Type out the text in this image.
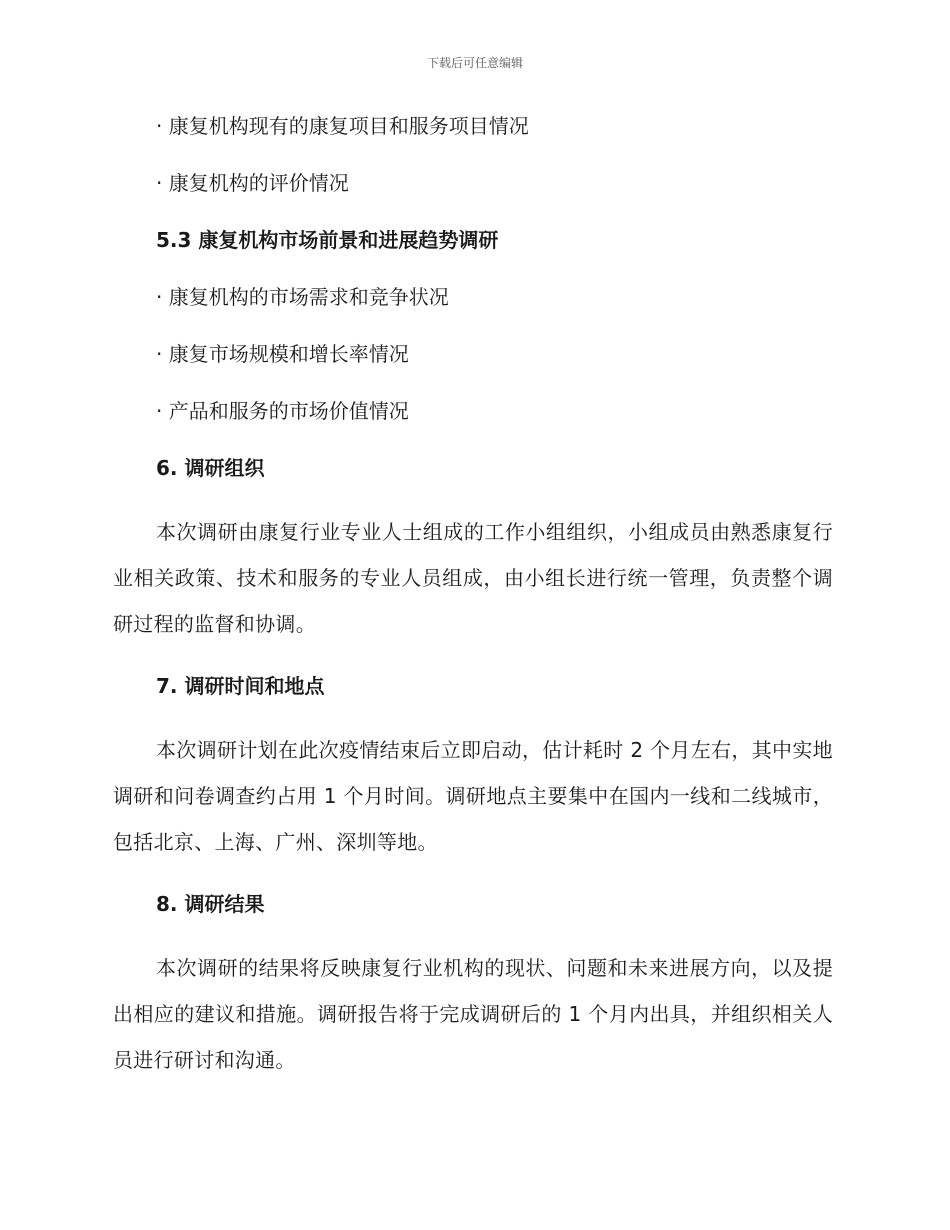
下载后可任意编辑
· 康复机构现有的康复项目和服务项目情况
· 康复机构的评价情况
5.3 康复机构市场前景和进展趋势调研
· 康复机构的市场需求和竞争状况
· 康复市场规模和增长率情况
· 产品和服务的市场价值情况
6. 调研组织

本次调研由康复行业专业人士组成的工作小组组织，小组成员由熟悉康复行业相关政策、技术和服务的专业人员组成，由小组长进行统一管理，负责整个调研过程的监督和协调。

7. 调研时间和地点

本次调研计划在此次疫情结束后立即启动，估计耗时 2 个月左右，其中实地调研和问卷调查约占用 1 个月时间。调研地点主要集中在国内一线和二线城市，包括北京、上海、广州、深圳等地。

8. 调研结果

本次调研的结果将反映康复行业机构的现状、问题和未来进展方向，以及提出相应的建议和措施。调研报告将于完成调研后的 1 个月内出具，并组织相关人员进行研讨和沟通。
